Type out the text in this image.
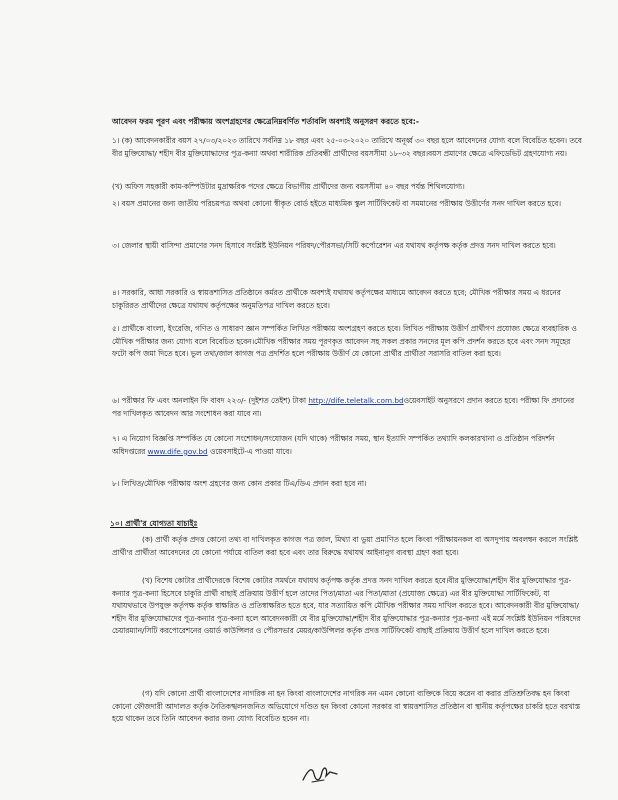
আবেদন ফরম পূরণ এবং পরীক্ষায় অংশগ্রহণের ক্ষেত্রেনিম্নবর্ণিত শর্তাবলি অবশ্যই অনুসরণ করতে হবে:-

১। (ক) আবেদনকারীর বয়স ২৭/০৩/২০২৩ তারিখে সর্বনিম্ন ১৮ বছর এবং ২৫-০৩-২০২০ তারিখে অনূর্ধ্ব ৩০ বছর হলে আবেদনের যোগ্য বলে বিবেচিত হবেন। তবে বীর মুক্তিযোদ্ধা/ শহীদ বীর মুক্তিযোদ্ধাদের পুত্র-কন্যা অথবা শারীরিক প্রতিবন্ধী প্রার্থীদের বয়সসীমা ১৮-৩২ বছর।বয়স প্রমাণের ক্ষেত্রে এফিডেভিট গ্রহণযোগ্য নয়।

(খ) অফিস সহকারী কাম-কম্পিউটার মুদ্রাক্ষরিক পদের ক্ষেত্রে বিভাগীয় প্রার্থীদের জন্য বয়সসীমা ৪০ বছর পর্যন্ত শিথিলযোগ্য।

২। বয়স প্রমানের জন্য জাতীয় পরিচয়পত্র অথবা কোনো স্বীকৃত বোর্ড হইতে মাধ্যমিক স্কুল সার্টিফিকেট বা সমমানের পরীক্ষায় উত্তীর্ণের সনদ দাখিল করতে হবে।

৩। জেলার স্থায়ী বাসিন্দা প্রমাণের সনদ হিসাবে সংশ্লিষ্ট ইউনিয়ন পরিষদ/পৌরসভা/সিটি কর্পোরেশন এর যথাযথ কর্তৃপক্ষ কর্তৃক প্রদত্ত সনদ দাখিল করতে হবে।

৪। সরকারি, আধা সরকারি ও স্বায়ত্তশাসিত প্রতিষ্ঠানে কর্মরত প্রার্থীকে অবশ্যই যথাযথ কর্তৃপক্ষের মাধ্যমে আবেদন করতে হবে; মৌখিক পরীক্ষার সময় এ ধরনের চাকুরিরত প্রার্থীদের ক্ষেত্রে যথাযথ কর্তৃপক্ষের অনুমতিপত্র দাখিল করতে হবে।

৫। প্রার্থীকে বাংলা, ইংরেজি, গণিত ও সাধারণ জ্ঞান সম্পর্কিত লিখিত পরীক্ষায় অংশগ্রহণ করতে হবে। লিখিত পরীক্ষায় উত্তীর্ণ প্রার্থীগণ প্রযোজ্য ক্ষেত্রে ব্যবহারিক ও মৌখিক পরীক্ষার জন্য যোগ্য বলে বিবেচিত হবেন।মৌখিক পরীক্ষার সময় পূরণকৃত আবেদন সহ সকল প্রকার সনদের মূল কপি প্রদর্শন করতে হবে এবং সনদ সমূহের ফটো কপি জমা দিতে হবে। ভুল তথ্য/জাল কাগজ পত্র প্রদর্শিত হলে পরীক্ষায় উত্তীর্ণ যে কোনো প্রার্থীর প্রার্থীতা সরাসরি বাতিল করা হবে।

৬। পরীক্ষার ফি এবং অনলাইন ফি বাবদ ২২৩/- (দুইশত তেইশ) টাকা http://dife.teletalk.com.bdওয়েবসাইট অনুসরণে প্রদান করতে হবে। পরীক্ষা ফি প্রদানের পর দাখিলকৃত আবেদন আর সংশোধন করা যাবে না।

৭। এ নিয়োগ বিজ্ঞপ্তি সম্পর্কিত যে কোনো সংশোধন/সংযোজন (যদি থাকে) পরীক্ষার সময়, স্থান ইত্যাদি সম্পর্কিত তথ্যাদি কলকারখানা ও প্রতিষ্ঠান পরিদর্শন অধিদপ্তরের www.dife.gov.bd ওয়েবসাইটে-এ পাওয়া যাবে।

৮। লিখিত/মৌখিক পরীক্ষায় অংশ গ্রহণের জন্য কোন প্রকার টিএ/ডিএ প্রদান করা হবে না।

১০। প্রার্থী'র যোগ্যতা যাচাইঃ

(ক) প্রার্থী কর্তৃক প্রদত্ত কোনো তথ্য বা দাখিলকৃত কাগজ পত্র জাল, মিথ্যা বা ভুয়া প্রমাণিত হলে কিংবা পরীক্ষায়নকল বা অসদুপায় অবলম্বন করলে সংশ্লিষ্ট প্রার্থী'র প্রার্থীতা আবেদনের যে কোনো পর্যায়ে বাতিল করা হবে এবং তার বিরুদ্ধে যথাযথ আইনানুগ ব্যবস্থা গ্রহণ করা হবে।

(খ) বিশেষ কোটার প্রার্থীদেরকে বিশেষ কোটার সমর্থনে যথাযথ কর্তৃপক্ষ কর্তৃক প্রদত্ত সনদ দাখিল করতে হবে।বীর মুক্তিযোদ্ধা/শহীদ বীর মুক্তিযোদ্ধার পুত্র-কন্যার পুত্র-কন্যা হিসেবে চাকুরি প্রার্থী বাছাই প্রক্রিয়ায় উত্তীর্ণ হলে তাদের পিতা/মাতা এর পিতা/মাতা (প্রযোজ্য ক্ষেত্রে) এর বীর মুক্তিযোদ্ধা সার্টিফিকেট, যা যথাযথভাবে উপযুক্ত কর্তৃপক্ষ কর্তৃক স্বাক্ষরিত ও প্রতিস্বাক্ষরিত হতে হবে, যার সত্যায়িত কপি মৌখিক পরীক্ষার সময় দাখিল করতে হবে। আবেদনকারী বীর মুক্তিযোদ্ধা/শহীদ বীর মুক্তিযোদ্ধাদের পুত্র-কন্যার পুত্র-কন্যা হলে আবেদনকারী যে বীর মুক্তিযোদ্ধা/শহীদ বীর মুক্তিযোদ্ধার পুত্র-কন্যার পুত্র-কন্যা এই মর্মে সংশ্লিষ্ট ইউনিয়ন পরিষদের চেয়ারম্যান/সিটি করপোরেশনের ওয়ার্ড কাউন্সিলর ও পৌরসভার মেয়র/কাউন্সিলর কর্তৃক প্রদত্ত সার্টিফিকেট বাছাই প্রক্রিয়ায় উত্তীর্ণ হলে দাখিল করতে হবে।

(গ) যদি কোনো প্রার্থী বাংলাদেশের নাগরিক না হন কিংবা বাংলাদেশের নাগরিক নন এমন কোনো ব্যক্তিকে বিয়ে করেন বা করার প্রতিশ্রুতিবদ্ধ হন কিংবা কোনো ফৌজদারী আদালত কর্তৃক নৈতিকস্খলনজনিত অভিযোগে দণ্ডিত হন কিংবা কোনো সরকার বা স্বায়ত্তশাসিত প্রতিষ্ঠান বা স্থানীয় কর্তৃপক্ষের চাকরি হতে বরখাস্ত হয়ে থাকেন তবে তিনি আবেদন করার জন্য যোগ্য বিবেচিত হবেন না।
